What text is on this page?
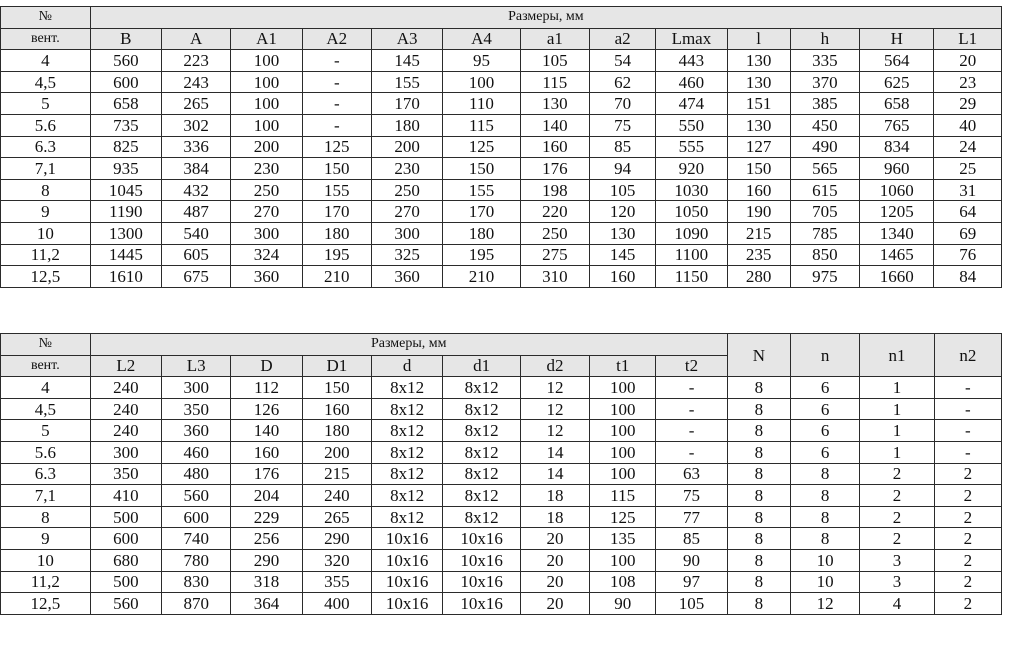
№	Размеры, мм												
вент.	B	A	A1	A2	A3	A4	a1	a2	Lmax	l	h	H	L1
4	560	223	100	-	145	95	105	54	443	130	335	564	20
4,5	600	243	100	-	155	100	115	62	460	130	370	625	23
5	658	265	100	-	170	110	130	70	474	151	385	658	29
5.6	735	302	100	-	180	115	140	75	550	130	450	765	40
6.3	825	336	200	125	200	125	160	85	555	127	490	834	24
7,1	935	384	230	150	230	150	176	94	920	150	565	960	25
8	1045	432	250	155	250	155	198	105	1030	160	615	1060	31
9	1190	487	270	170	270	170	220	120	1050	190	705	1205	64
10	1300	540	300	180	300	180	250	130	1090	215	785	1340	69
11,2	1445	605	324	195	325	195	275	145	1100	235	850	1465	76
12,5	1610	675	360	210	360	210	310	160	1150	280	975	1660	84
№	Размеры, мм									N	n	n1	n2
вент.	L2	L3	D	D1	d	d1	d2	t1	t2				
4	240	300	112	150	8x12	8x12	12	100	-	8	6	1	-
4,5	240	350	126	160	8x12	8x12	12	100	-	8	6	1	-
5	240	360	140	180	8x12	8x12	12	100	-	8	6	1	-
5.6	300	460	160	200	8x12	8x12	14	100	-	8	6	1	-
6.3	350	480	176	215	8x12	8x12	14	100	63	8	8	2	2
7,1	410	560	204	240	8x12	8x12	18	115	75	8	8	2	2
8	500	600	229	265	8x12	8x12	18	125	77	8	8	2	2
9	600	740	256	290	10x16	10x16	20	135	85	8	8	2	2
10	680	780	290	320	10x16	10x16	20	100	90	8	10	3	2
11,2	500	830	318	355	10x16	10x16	20	108	97	8	10	3	2
12,5	560	870	364	400	10x16	10x16	20	90	105	8	12	4	2
